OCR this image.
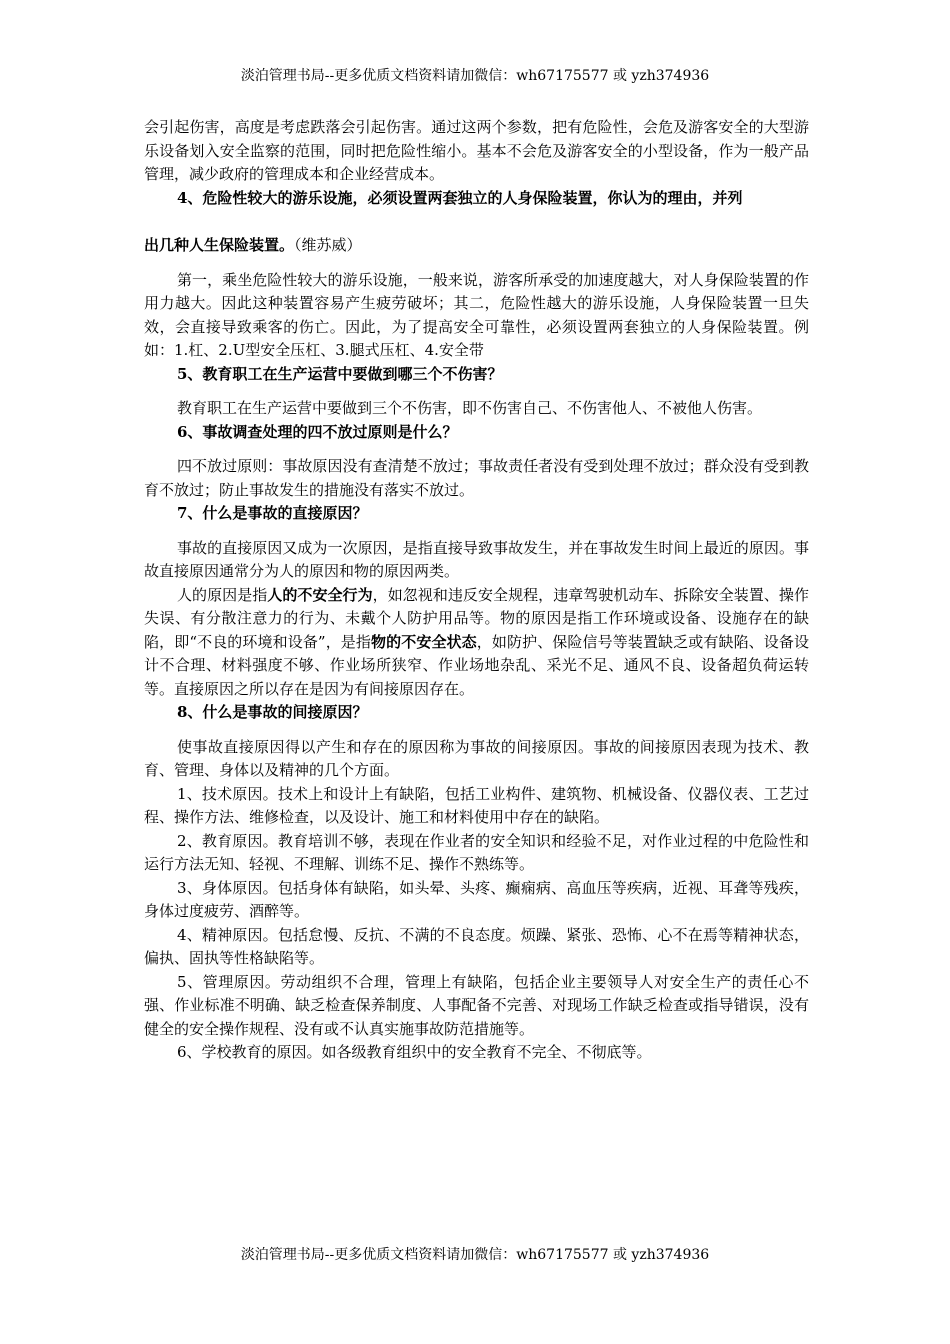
淡泊管理书局--更多优质文档资料请加微信：wh67175577 或 yzh374936

会引起伤害，高度是考虑跌落会引起伤害。通过这两个参数，把有危险性，会危及游客安全的大型游乐设备划入安全监察的范围，同时把危险性缩小。基本不会危及游客安全的小型设备，作为一般产品管理，减少政府的管理成本和企业经营成本。

4、危险性较大的游乐设施，必须设置两套独立的人身保险装置，你认为的理由，并列

出几种人生保险装置。（维苏威）

第一，乘坐危险性较大的游乐设施，一般来说，游客所承受的加速度越大，对人身保险装置的作用力越大。因此这种装置容易产生疲劳破坏；其二，危险性越大的游乐设施，人身保险装置一旦失效，会直接导致乘客的伤亡。因此，为了提高安全可靠性，必须设置两套独立的人身保险装置。例如：1.杠、2.U型安全压杠、3.腿式压杠、4.安全带

5、教育职工在生产运营中要做到哪三个不伤害？

教育职工在生产运营中要做到三个不伤害，即不伤害自己、不伤害他人、不被他人伤害。

6、事故调查处理的四不放过原则是什么？

四不放过原则：事故原因没有查清楚不放过；事故责任者没有受到处理不放过；群众没有受到教育不放过；防止事故发生的措施没有落实不放过。

7、什么是事故的直接原因？

事故的直接原因又成为一次原因，是指直接导致事故发生，并在事故发生时间上最近的原因。事故直接原因通常分为人的原因和物的原因两类。

人的原因是指人的不安全行为，如忽视和违反安全规程，违章驾驶机动车、拆除安全装置、操作失误、有分散注意力的行为、未戴个人防护用品等。物的原因是指工作环境或设备、设施存在的缺陷，即“不良的环境和设备”，是指物的不安全状态，如防护、保险信号等装置缺乏或有缺陷、设备设计不合理、材料强度不够、作业场所狭窄、作业场地杂乱、采光不足、通风不良、设备超负荷运转等。直接原因之所以存在是因为有间接原因存在。

8、什么是事故的间接原因？

使事故直接原因得以产生和存在的原因称为事故的间接原因。事故的间接原因表现为技术、教育、管理、身体以及精神的几个方面。

1、技术原因。技术上和设计上有缺陷，包括工业构件、建筑物、机械设备、仪器仪表、工艺过程、操作方法、维修检查，以及设计、施工和材料使用中存在的缺陷。

2、教育原因。教育培训不够，表现在作业者的安全知识和经验不足，对作业过程的中危险性和运行方法无知、轻视、不理解、训练不足、操作不熟练等。

3、身体原因。包括身体有缺陷，如头晕、头疼、癫痫病、高血压等疾病，近视、耳聋等残疾，身体过度疲劳、酒醉等。

4、精神原因。包括怠慢、反抗、不满的不良态度。烦躁、紧张、恐怖、心不在焉等精神状态，偏执、固执等性格缺陷等。

5、管理原因。劳动组织不合理，管理上有缺陷，包括企业主要领导人对安全生产的责任心不强、作业标准不明确、缺乏检查保养制度、人事配备不完善、对现场工作缺乏检查或指导错误，没有健全的安全操作规程、没有或不认真实施事故防范措施等。

6、学校教育的原因。如各级教育组织中的安全教育不完全、不彻底等。

淡泊管理书局--更多优质文档资料请加微信：wh67175577 或 yzh374936
